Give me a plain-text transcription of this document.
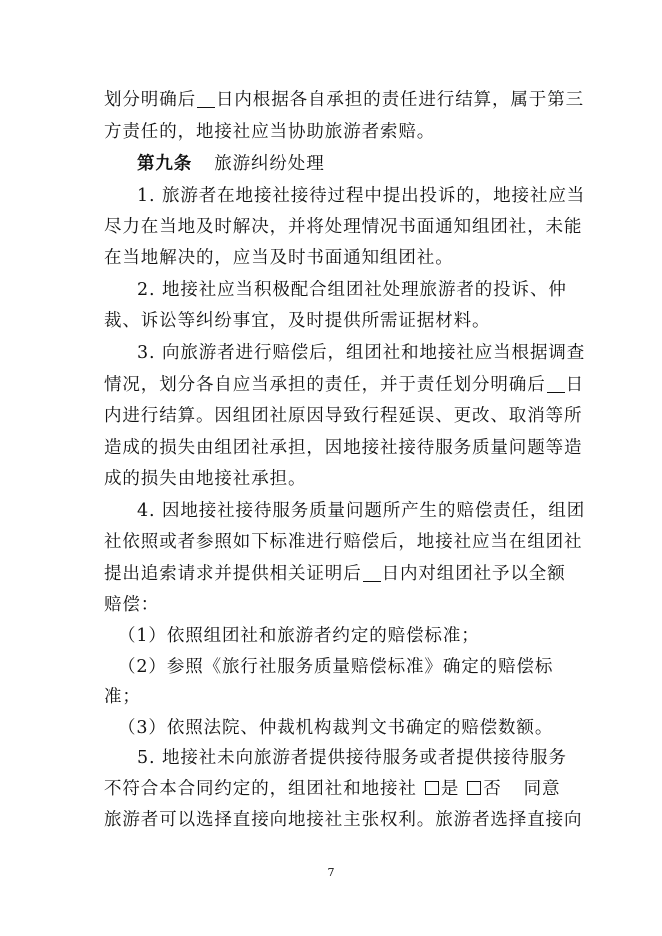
划分明确后 日内根据各自承担的责任进行结算，属于第三
方责任的，地接社应当协助旅游者索赔。
第九条 旅游纠纷处理
1. 旅游者在地接社接待过程中提出投诉的，地接社应当
尽力在当地及时解决，并将处理情况书面通知组团社，未能
在当地解决的，应当及时书面通知组团社。
2. 地接社应当积极配合组团社处理旅游者的投诉、仲
裁、诉讼等纠纷事宜，及时提供所需证据材料。
3. 向旅游者进行赔偿后，组团社和地接社应当根据调查
情况，划分各自应当承担的责任，并于责任划分明确后 日
内进行结算。因组团社原因导致行程延误、更改、取消等所
造成的损失由组团社承担，因地接社接待服务质量问题等造
成的损失由地接社承担。
4. 因地接社接待服务质量问题所产生的赔偿责任，组团
社依照或者参照如下标准进行赔偿后，地接社应当在组团社
提出追索请求并提供相关证明后 日内对组团社予以全额
赔偿：
（1）依照组团社和旅游者约定的赔偿标准；
（2）参照《旅行社服务质量赔偿标准》确定的赔偿标
准；
（3）依照法院、仲裁机构裁判文书确定的赔偿数额。
5. 地接社未向旅游者提供接待服务或者提供接待服务
不符合本合同约定的，组团社和地接社 是 否 同意
旅游者可以选择直接向地接社主张权利。旅游者选择直接向
7
